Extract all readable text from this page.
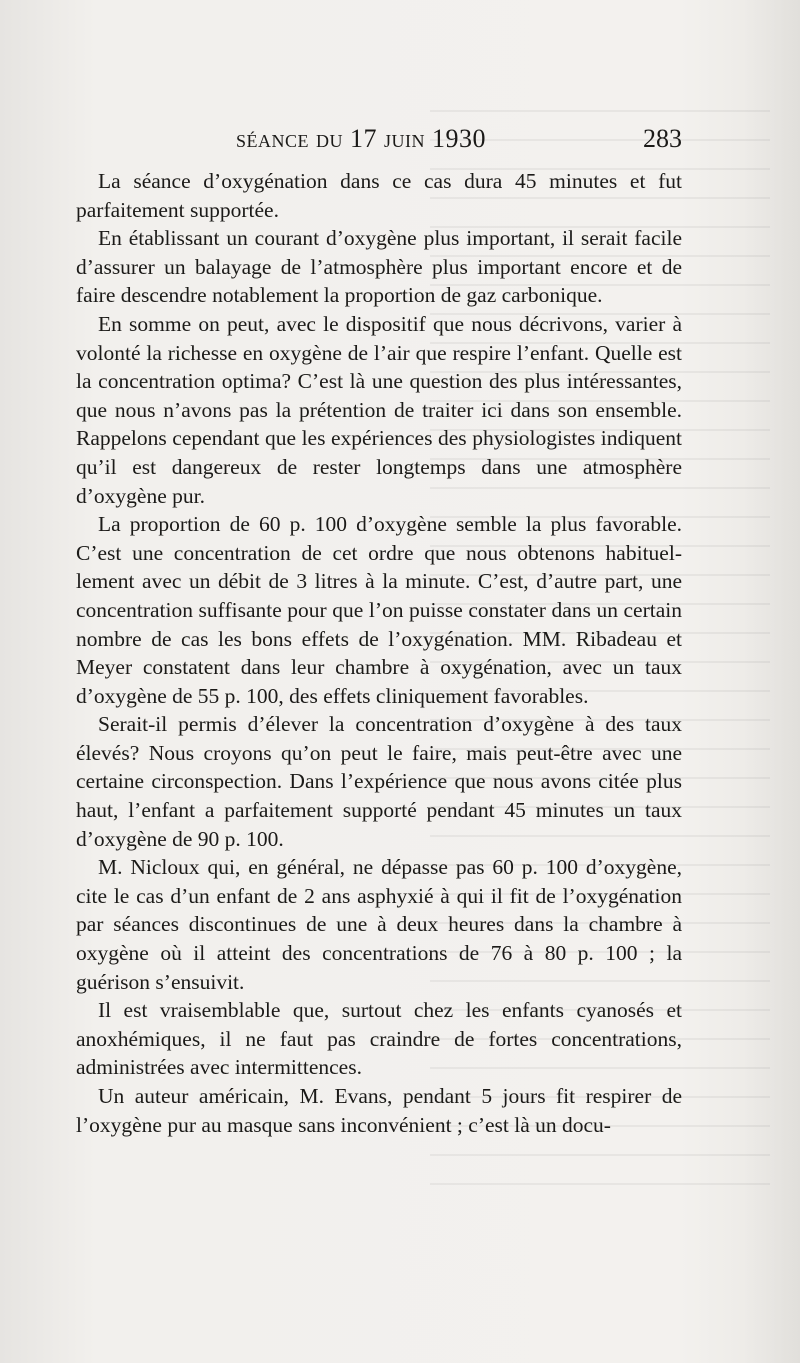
séance du 17 juin 1930	283

La séance d’oxygénation dans ce cas dura 45 minutes et fut parfaitement supportée.

En établissant un courant d’oxygène plus important, il serait facile d’assurer un balayage de l’atmosphère plus important encore et de faire descendre notablement la proportion de gaz carbonique.

En somme on peut, avec le dispositif que nous décrivons, varier à volonté la richesse en oxygène de l’air que respire l’enfant. Quelle est la concentration optima? C’est là une question des plus intéressantes, que nous n’avons pas la prétention de traiter ici dans son ensemble. Rappelons cependant que les expériences des physiologistes indiquent qu’il est dangereux de rester longtemps dans une atmosphère d’oxygène pur.

La proportion de 60 p. 100 d’oxygène semble la plus favorable. C’est une concentration de cet ordre que nous obtenons habituellement avec un débit de 3 litres à la minute. C’est, d’autre part, une concentration suffisante pour que l’on puisse constater dans un certain nombre de cas les bons effets de l’oxygénation. MM. Ribadeau et Meyer constatent dans leur chambre à oxygénation, avec un taux d’oxygène de 55 p. 100, des effets cliniquement favorables.

Serait-il permis d’élever la concentration d’oxygène à des taux élevés? Nous croyons qu’on peut le faire, mais peut-être avec une certaine circonspection. Dans l’expérience que nous avons citée plus haut, l’enfant a parfaitement supporté pendant 45 minutes un taux d’oxygène de 90 p. 100.

M. Nicloux qui, en général, ne dépasse pas 60 p. 100 d’oxygène, cite le cas d’un enfant de 2 ans asphyxié à qui il fit de l’oxygénation par séances discontinues de une à deux heures dans la chambre à oxygène où il atteint des concentrations de 76 à 80 p. 100 ; la guérison s’ensuivit.

Il est vraisemblable que, surtout chez les enfants cyanosés et anoxhémiques, il ne faut pas craindre de fortes concentrations, administrées avec intermittences.

Un auteur américain, M. Evans, pendant 5 jours fit respirer de l’oxygène pur au masque sans inconvénient ; c’est là un docu-
